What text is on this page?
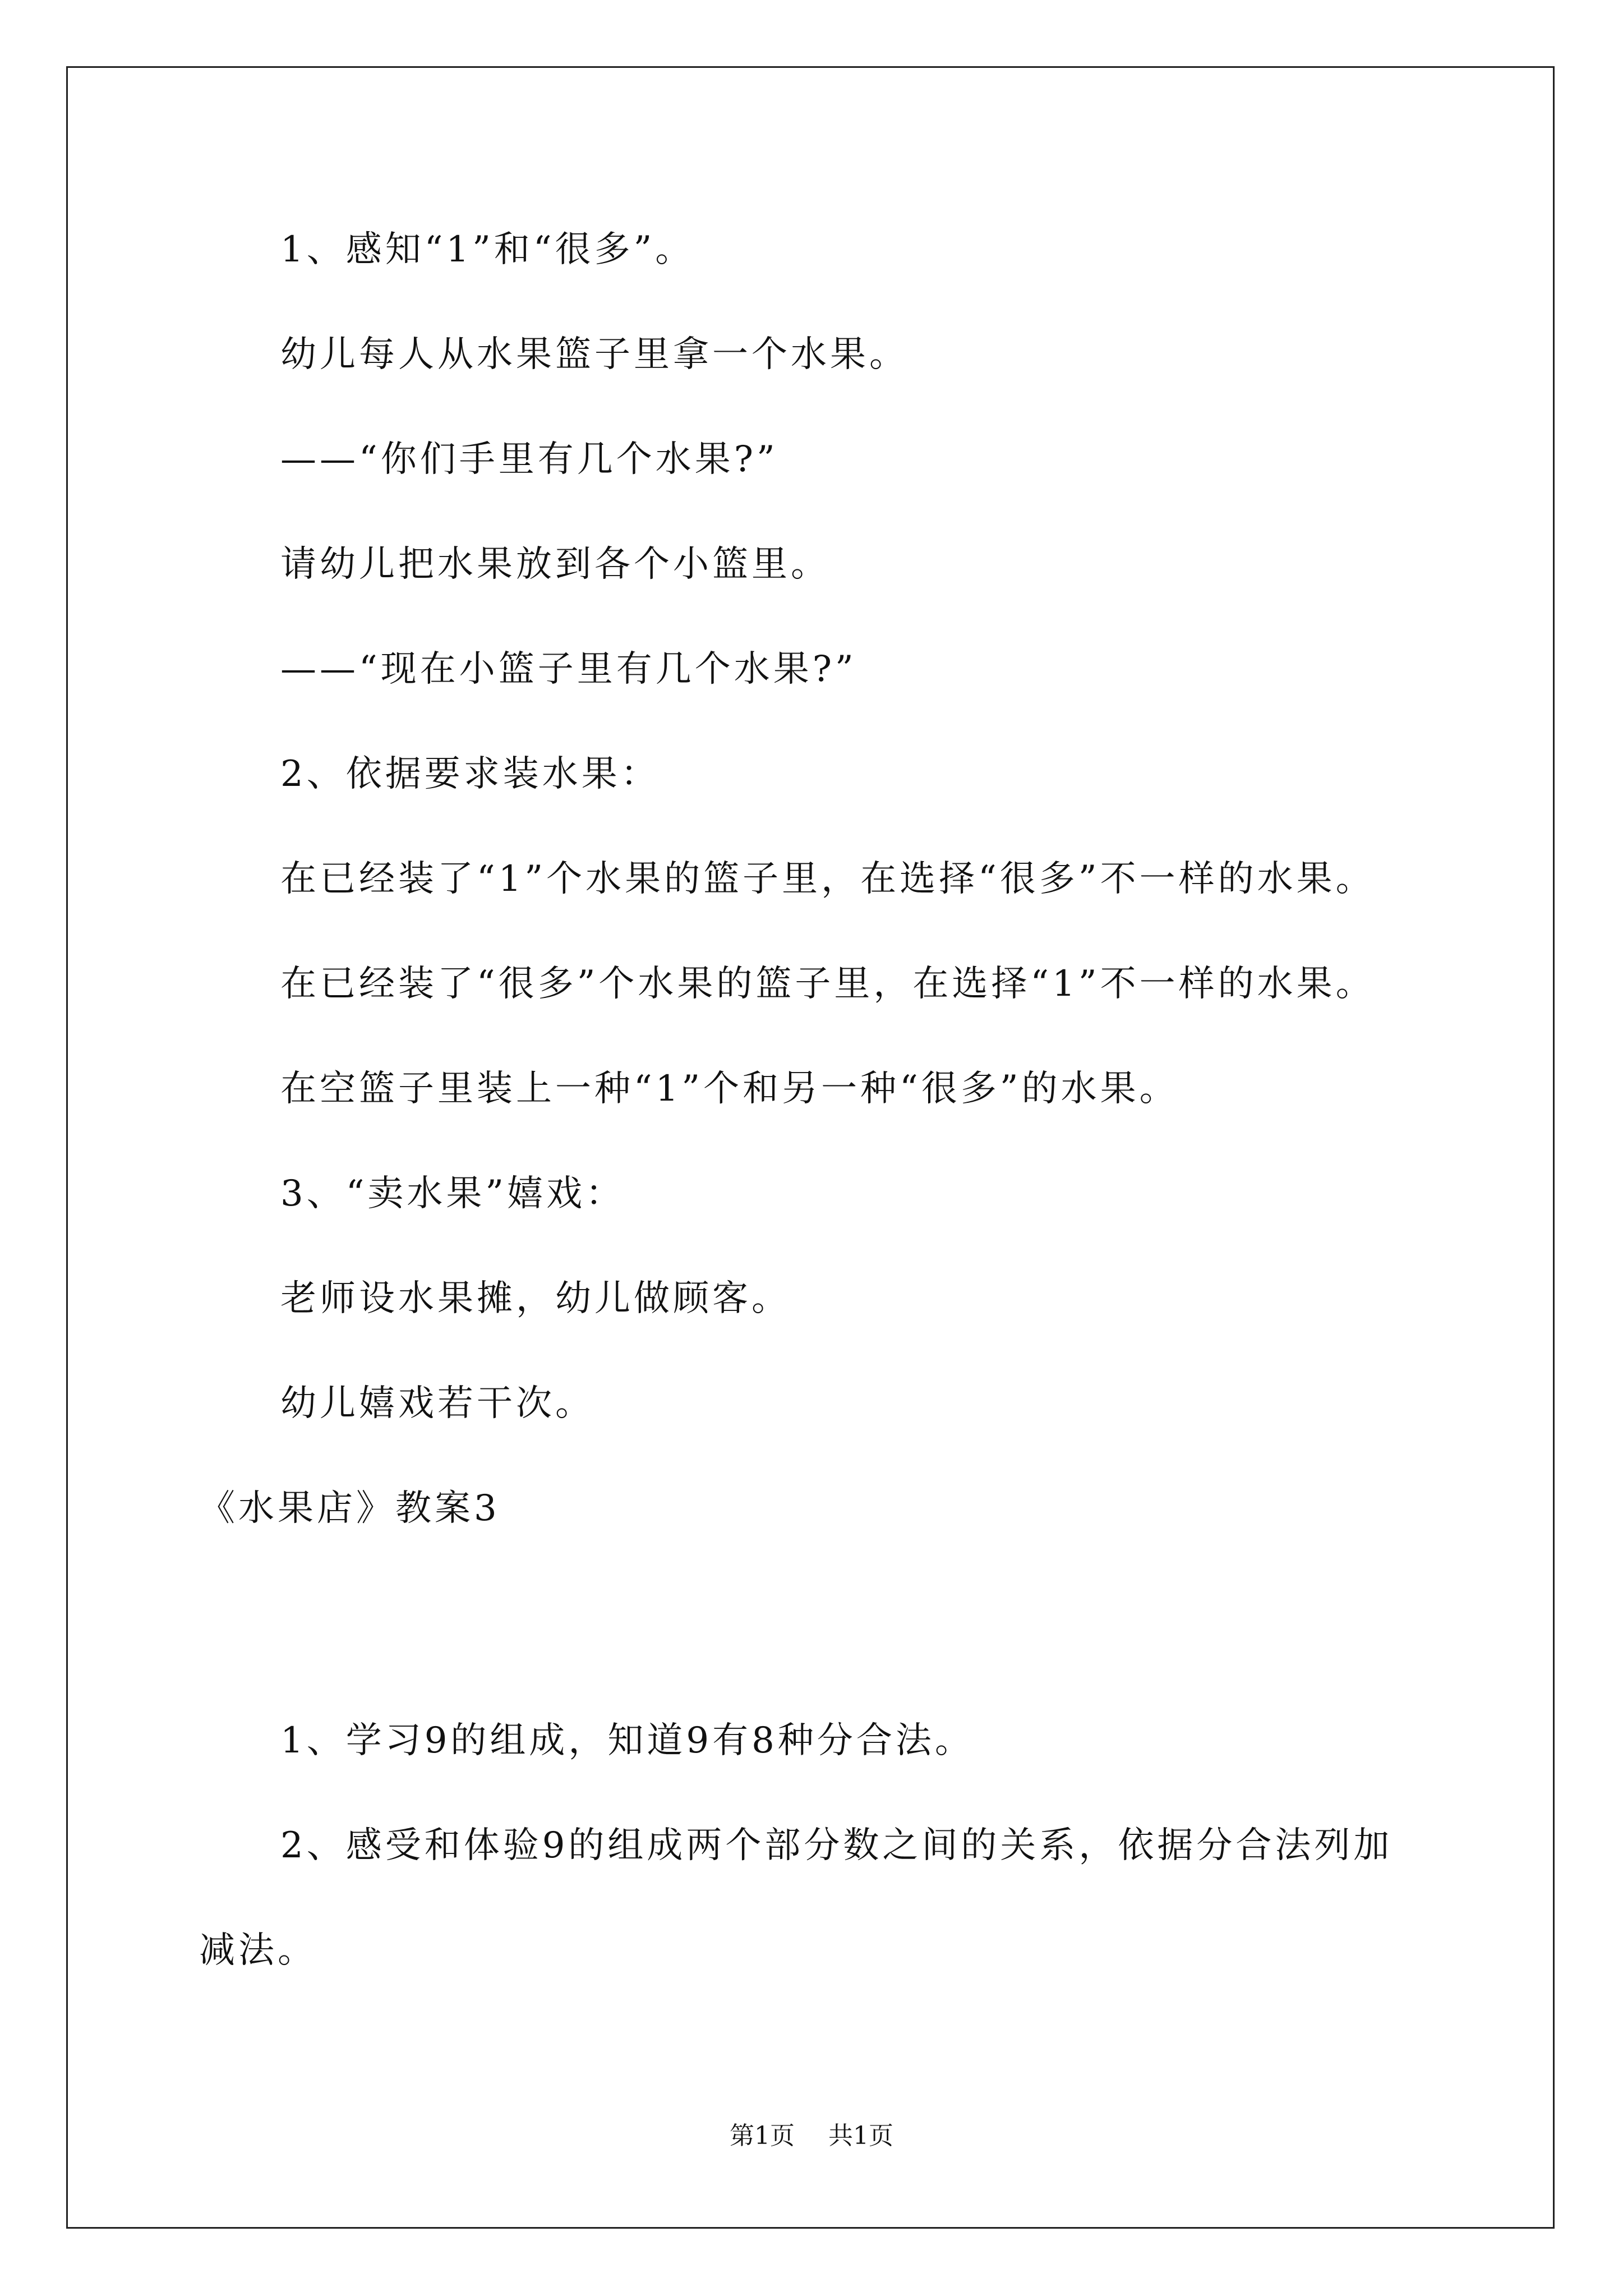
1、感知“1”和“很多”。
幼儿每人从水果篮子里拿一个水果。
——“你们手里有几个水果?”
请幼儿把水果放到各个小篮里。
——“现在小篮子里有几个水果?”
2、依据要求装水果：
在已经装了“1”个水果的篮子里，在选择“很多”不一样的水果。
在已经装了“很多”个水果的篮子里，在选择“1”不一样的水果。
在空篮子里装上一种“1”个和另一种“很多”的水果。
3、“卖水果”嬉戏：
老师设水果摊，幼儿做顾客。
幼儿嬉戏若干次。
《水果店》教案3
1、学习9的组成，知道9有8种分合法。
2、感受和体验9的组成两个部分数之间的关系，依据分合法列加
减法。
第1页 共1页
